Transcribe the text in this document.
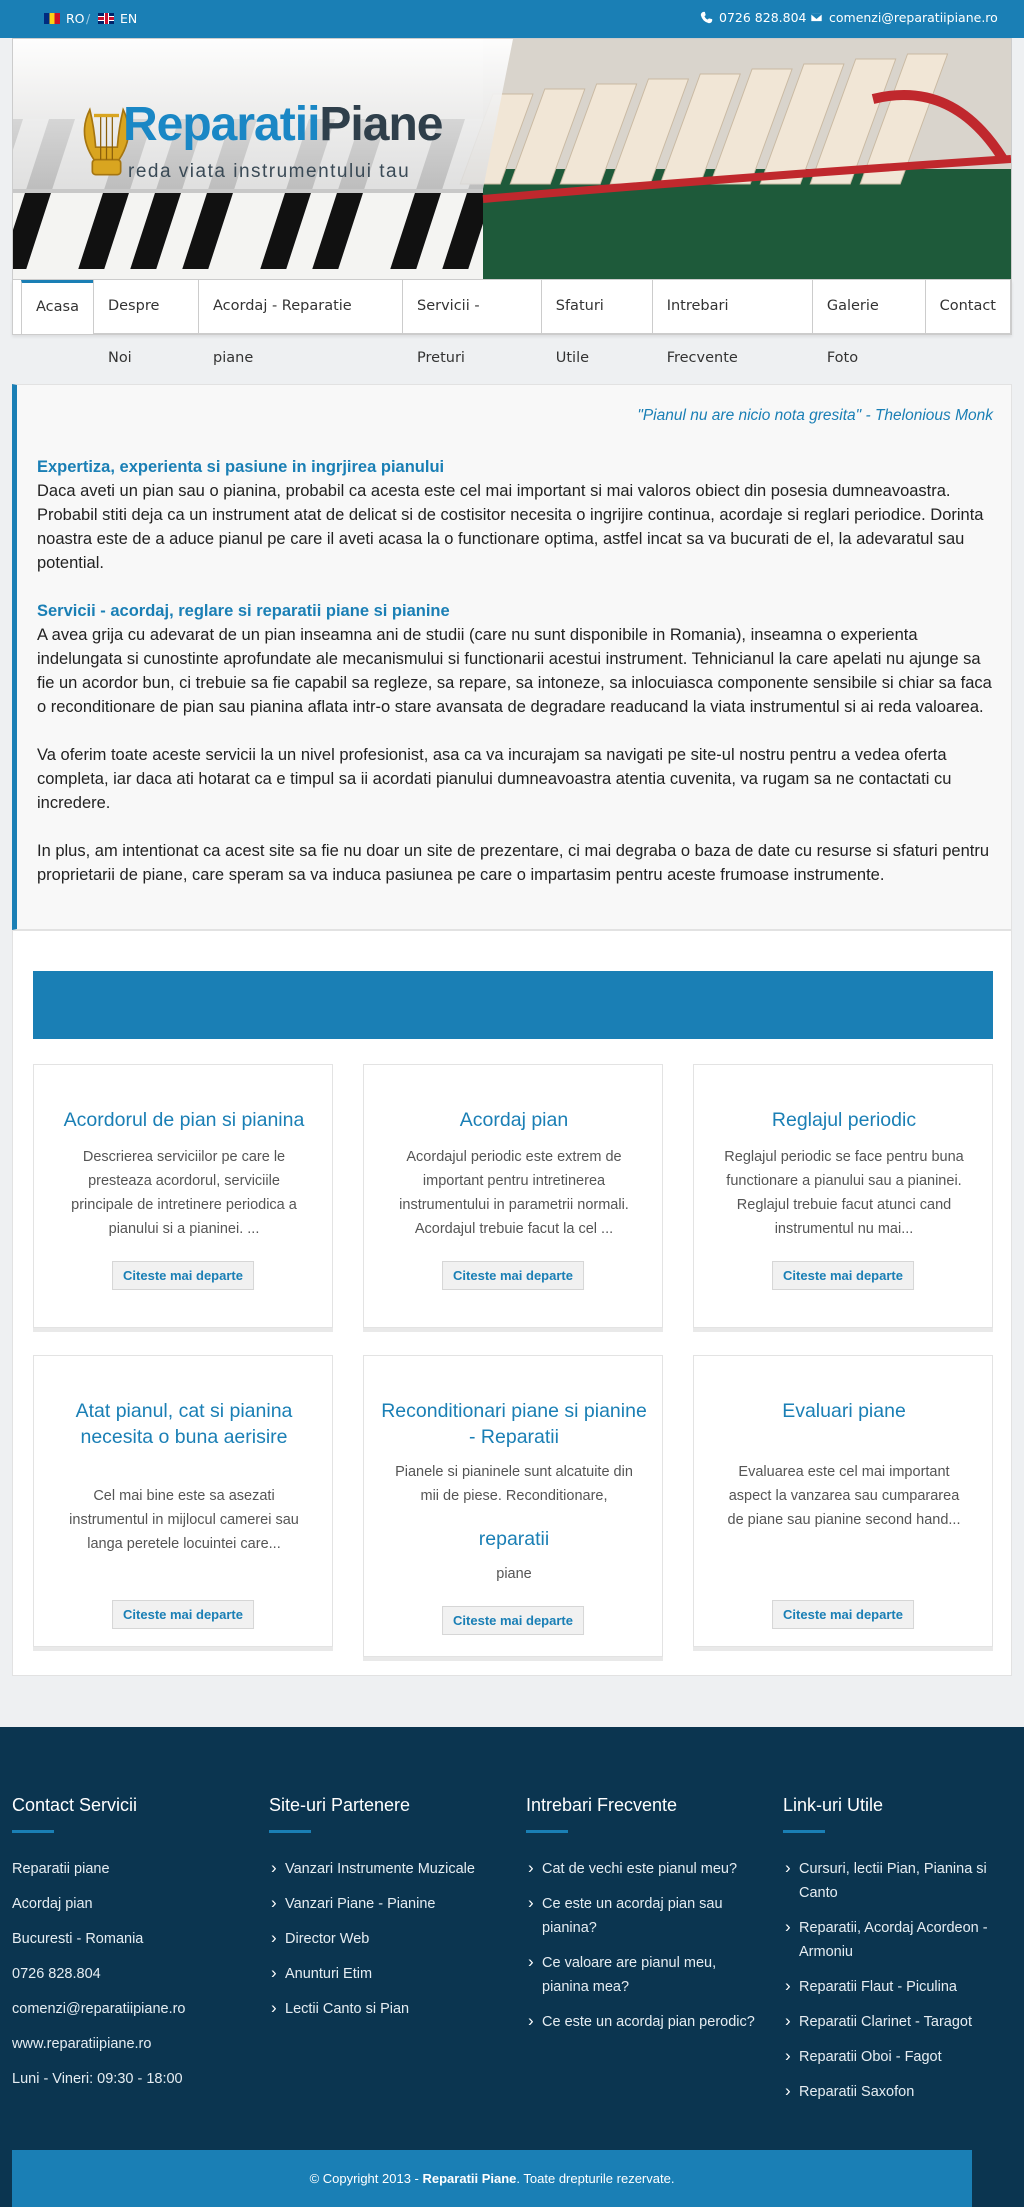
RO / EN	0726 828.804 comenzi@reparatiipiane.ro
ReparatiiPiane
reda viata instrumentului tau
Acasa	Despre Noi
Acordaj - Reparatie piane
Servicii - Preturi
Sfaturi Utile
Intrebari Frecvente
Galerie Foto
Contact
"Pianul nu are nicio nota gresita" - Thelonious Monk
Expertiza, experienta si pasiune in ingrjirea pianului

Daca aveti un pian sau o pianina, probabil ca acesta este cel mai important si mai valoros obiect din posesia dumneavoastra. Probabil stiti deja ca un instrument atat de delicat si de costisitor necesita o ingrijire continua, acordaje si reglari periodice. Dorinta noastra este de a aduce pianul pe care il aveti acasa la o functionare optima, astfel incat sa va bucurati de el, la adevaratul sau potential.

Servicii - acordaj, reglare si reparatii piane si pianine

A avea grija cu adevarat de un pian inseamna ani de studii (care nu sunt disponibile in Romania), inseamna o experienta indelungata si cunostinte aprofundate ale mecanismului si functionarii acestui instrument. Tehnicianul la care apelati nu ajunge sa fie un acordor bun, ci trebuie sa fie capabil sa regleze, sa repare, sa intoneze, sa inlocuiasca componente sensibile si chiar sa faca o reconditionare de pian sau pianina aflata intr-o stare avansata de degradare readucand la viata instrumentul si ai reda valoarea.

Va oferim toate aceste servicii la un nivel profesionist, asa ca va incurajam sa navigati pe site-ul nostru pentru a vedea oferta completa, iar daca ati hotarat ca e timpul sa ii acordati pianului dumneavoastra atentia cuvenita, va rugam sa ne contactati cu incredere.

In plus, am intentionat ca acest site sa fie nu doar un site de prezentare, ci mai degraba o baza de date cu resurse si sfaturi pentru proprietarii de piane, care speram sa va induca pasiunea pe care o impartasim pentru aceste frumoase instrumente.

Acordorul de pian si pianina
Descrierea serviciilor pe care le presteaza acordorul, serviciile principale de intretinere periodica a pianului si a pianinei. ...
Citeste mai departe
Acordaj pian
Acordajul periodic este extrem de important pentru intretinerea instrumentului in parametrii normali. Acordajul trebuie facut la cel ...
Citeste mai departe
Reglajul periodic
Reglajul periodic se face pentru buna functionare a pianului sau a pianinei. Reglajul trebuie facut atunci cand instrumentul nu mai...
Citeste mai departe
Atat pianul, cat si pianina necesita o buna aerisire
Cel mai bine este sa asezati instrumentul in mijlocul camerei sau langa peretele locuintei care...
Citeste mai departe
Reconditionari piane si pianine - Reparatii
Pianele si pianinele sunt alcatuite din mii de piese. Reconditionare,
reparatii
piane
Citeste mai departe
Evaluari piane
Evaluarea este cel mai important aspect la vanzarea sau cumpararea de piane sau pianine second hand...
Citeste mai departe
Contact Servicii
Reparatii piane
Acordaj pian
Bucuresti - Romania
0726 828.804
comenzi@reparatiipiane.ro
www.reparatiipiane.ro
Luni - Vineri: 09:30 - 18:00
Site-uri Partenere
› Vanzari Instrumente Muzicale
› Vanzari Piane - Pianine
› Director Web
› Anunturi Etim
› Lectii Canto si Pian
Intrebari Frecvente
› Cat de vechi este pianul meu?
› Ce este un acordaj pian sau pianina?
› Ce valoare are pianul meu, pianina mea?
› Ce este un acordaj pian perodic?
Link-uri Utile
› Cursuri, lectii Pian, Pianina si Canto
› Reparatii, Acordaj Acordeon - Armoniu
› Reparatii Flaut - Piculina
› Reparatii Clarinet - Taragot
› Reparatii Oboi - Fagot
› Reparatii Saxofon
© Copyright 2013 - Reparatii Piane. Toate drepturile rezervate.
